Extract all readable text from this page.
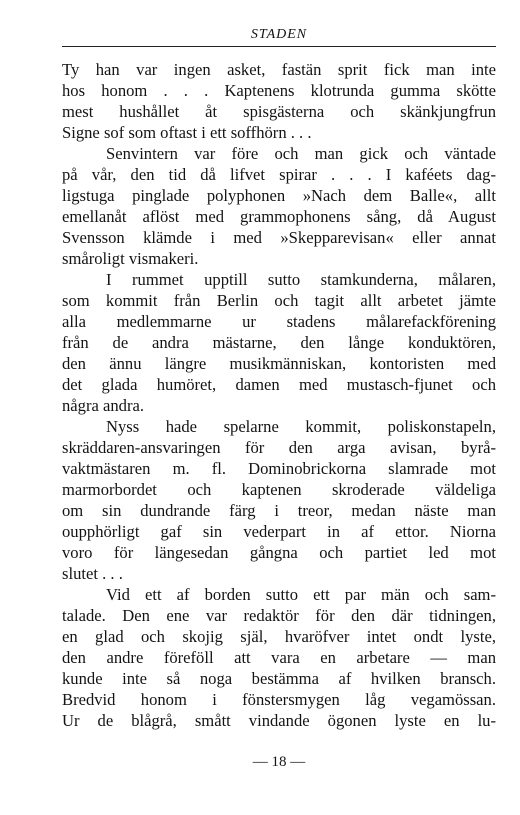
STADEN
Ty han var ingen asket, fastän sprit fick man inte
hos honom . . . Kaptenens klotrunda gumma skötte
mest hushållet åt spisgästerna och skänkjungfrun
Signe sof som oftast i ett soffhörn . . .
Senvintern var före och man gick och väntade
på vår, den tid då lifvet spirar . . . I kaféets dag-
ligstuga pinglade polyphonen »Nach dem Balle«, allt
emellanåt aflöst med grammophonens sång, då August
Svensson klämde i med »Skepparevisan« eller annat
småroligt vismakeri.
I rummet upptill sutto stamkunderna, målaren,
som kommit från Berlin och tagit allt arbetet jämte
alla medlemmarne ur stadens målarefackförening
från de andra mästarne, den långe konduktören,
den ännu längre musikmänniskan, kontoristen med
det glada humöret, damen med mustasch-fjunet och
några andra.
Nyss hade spelarne kommit, poliskonstapeln,
skräddaren-ansvaringen för den arga avisan, byrå-
vaktmästaren m. fl. Dominobrickorna slamrade mot
marmorbordet och kaptenen skroderade väldeliga
om sin dundrande färg i treor, medan näste man
oupphörligt gaf sin vederpart in af ettor. Niorna
voro för längesedan gångna och partiet led mot
slutet . . .
Vid ett af borden sutto ett par män och sam-
talade. Den ene var redaktör för den där tidningen,
en glad och skojig själ, hvaröfver intet ondt lyste,
den andre föreföll att vara en arbetare — man
kunde inte så noga bestämma af hvilken bransch.
Bredvid honom i fönstersmygen låg vegamössan.
Ur de blågrå, smått vindande ögonen lyste en lu-
— 18 —
